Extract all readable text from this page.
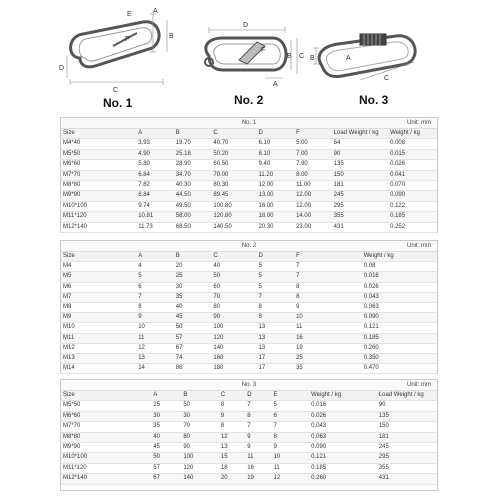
A
B
C
D
E
F
No. 1
D
B C
A
F
No. 2
B	A
C
No. 3
No. 1	Unit: mm
Size	A	B	C	D	F	Load Weight / kg	Weight / kg
M4*40	3.93	19.70	40.70	6.10	5.00	54	0.008
M5*50	4.90	25.18	50.20	8.10	7.00	90	0.015
M6*60	5.80	28.90	60.50	9.40	7.80	135	0.026
M7*70	6.84	34.70	70.00	11.20	8.00	150	0.041
M8*80	7.82	40.30	80.30	12.00	11.00	181	0.070
M9*90	8.84	44.50	89.45	13.00	12.00	245	0.090
M10*100	9.74	49.50	100.80	16.00	12.00	295	0.122
M11*120	10.81	58.00	120.80	18.00	14.00	355	0.185
M12*140	11.73	68.50	140.50	20.30	23.00	431	0.252
No. 2	Unit: mm
Size	A	B	C	D	F	Weight / kg
M4	4	20	40	5	7	0.08
M5	5	25	50	5	7	0.016
M6	6	30	60	5	8	0.026
M7	7	35	70	7	8	0.043
M8	8	40	80	8	9	0.063
M9	9	45	90	8	10	0.090
M10	10	50	100	13	11	0.121
M11	11	57	120	13	16	0.185
M12	12	67	140	13	19	0.260
M13	13	74	160	17	25	0.350
M14	14	86	180	17	35	0.470
No. 3	Unit: mm
Size	A	B	C	D	E	Weight / kg	Load Weight / kg
M5*50	25	50	8	7	5	0.016	90
M6*60	30	30	9	8	6	0.026	135
M7*70	35	70	8	7	7	0.043	150
M8*80	40	80	12	9	8	0.063	181
M9*90	45	90	13	9	9	0.090	245
M10*100	50	100	15	11	10	0.121	295
M11*120	57	120	18	16	11	0.185	355
M12*140	67	140	20	19	12	0.260	431
